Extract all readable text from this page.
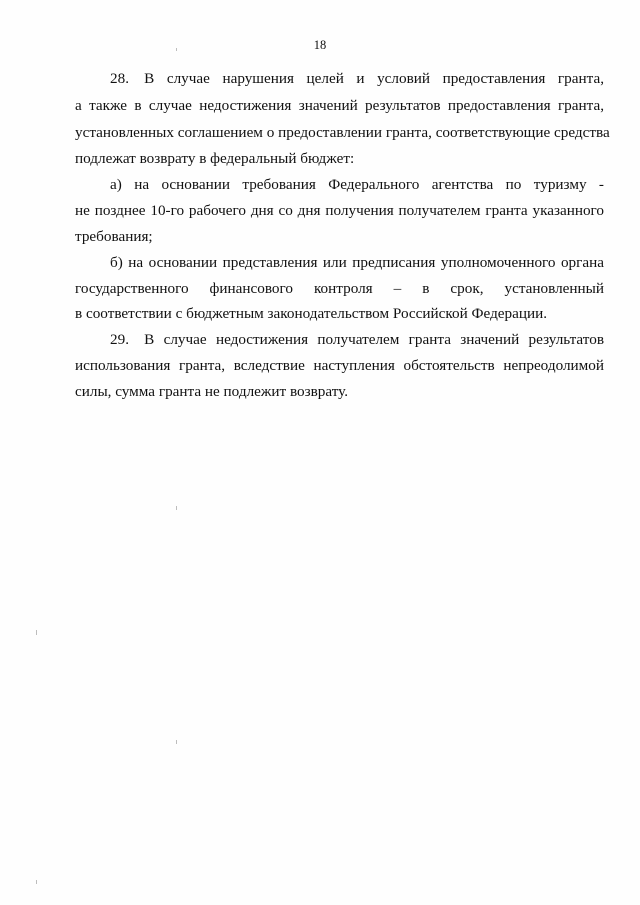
18
28. В случае нарушения целей и условий предоставления гранта,
а также в случае недостижения значений результатов предоставления гранта,
установленных соглашением о предоставлении гранта, соответствующие средства
подлежат возврату в федеральный бюджет:
а) на основании требования Федерального агентства по туризму -
не позднее 10-го рабочего дня со дня получения получателем гранта указанного
требования;
б) на основании представления или предписания уполномоченного органа
государственного финансового контроля – в срок, установленный
в соответствии с бюджетным законодательством Российской Федерации.
29. В случае недостижения получателем гранта значений результатов
использования гранта, вследствие наступления обстоятельств непреодолимой
силы, сумма гранта не подлежит возврату.
